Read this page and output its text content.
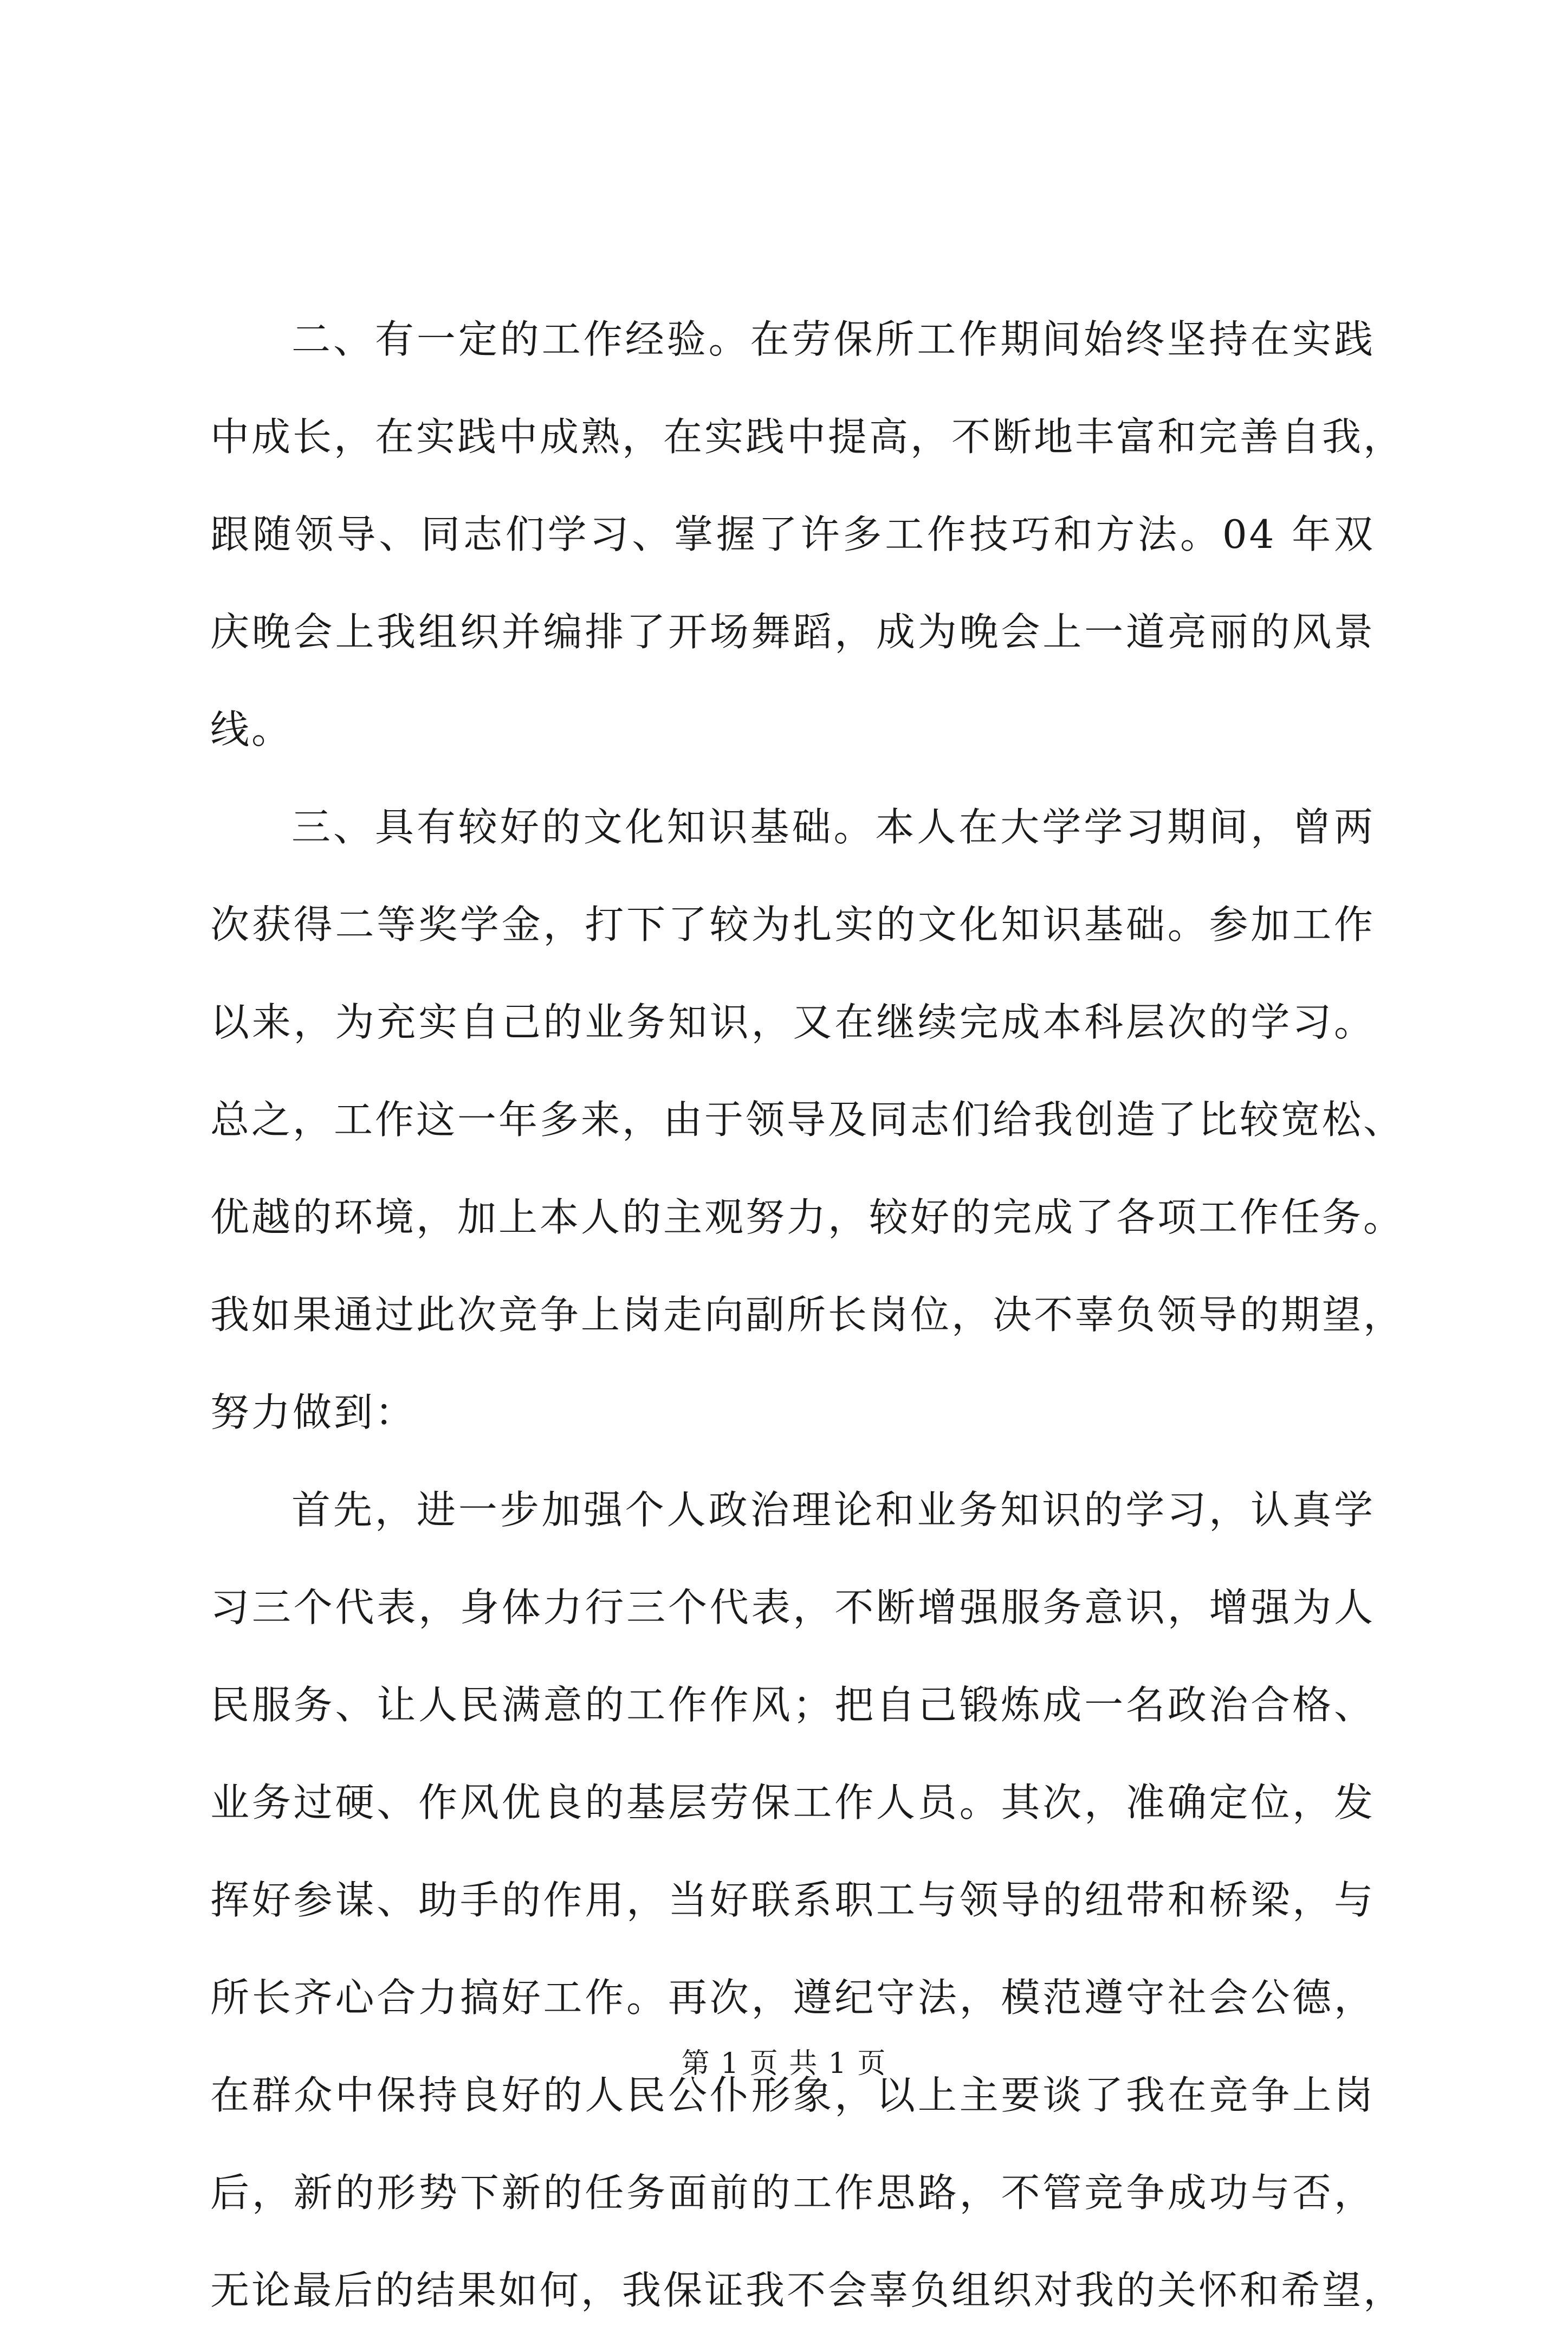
二、有一定的工作经验。在劳保所工作期间始终坚持在实践
中成长，在实践中成熟，在实践中提高，不断地丰富和完善自我，
跟随领导、同志们学习、掌握了许多工作技巧和方法。04 年双
庆晚会上我组织并编排了开场舞蹈，成为晚会上一道亮丽的风景
线。
三、具有较好的文化知识基础。本人在大学学习期间，曾两
次获得二等奖学金，打下了较为扎实的文化知识基础。参加工作
以来，为充实自己的业务知识，又在继续完成本科层次的学习。
总之，工作这一年多来，由于领导及同志们给我创造了比较宽松、
优越的环境，加上本人的主观努力，较好的完成了各项工作任务。
我如果通过此次竞争上岗走向副所长岗位，决不辜负领导的期望，
努力做到：
首先，进一步加强个人政治理论和业务知识的学习，认真学
习三个代表，身体力行三个代表，不断增强服务意识，增强为人
民服务、让人民满意的工作作风；把自己锻炼成一名政治合格、
业务过硬、作风优良的基层劳保工作人员。其次，准确定位，发
挥好参谋、助手的作用，当好联系职工与领导的纽带和桥梁，与
所长齐心合力搞好工作。再次，遵纪守法，模范遵守社会公德，
在群众中保持良好的人民公仆形象，以上主要谈了我在竞争上岗
后，新的形势下新的任务面前的工作思路，不管竞争成功与否，
无论最后的结果如何，我保证我不会辜负组织对我的关怀和希望，
第 1 页 共 1 页
